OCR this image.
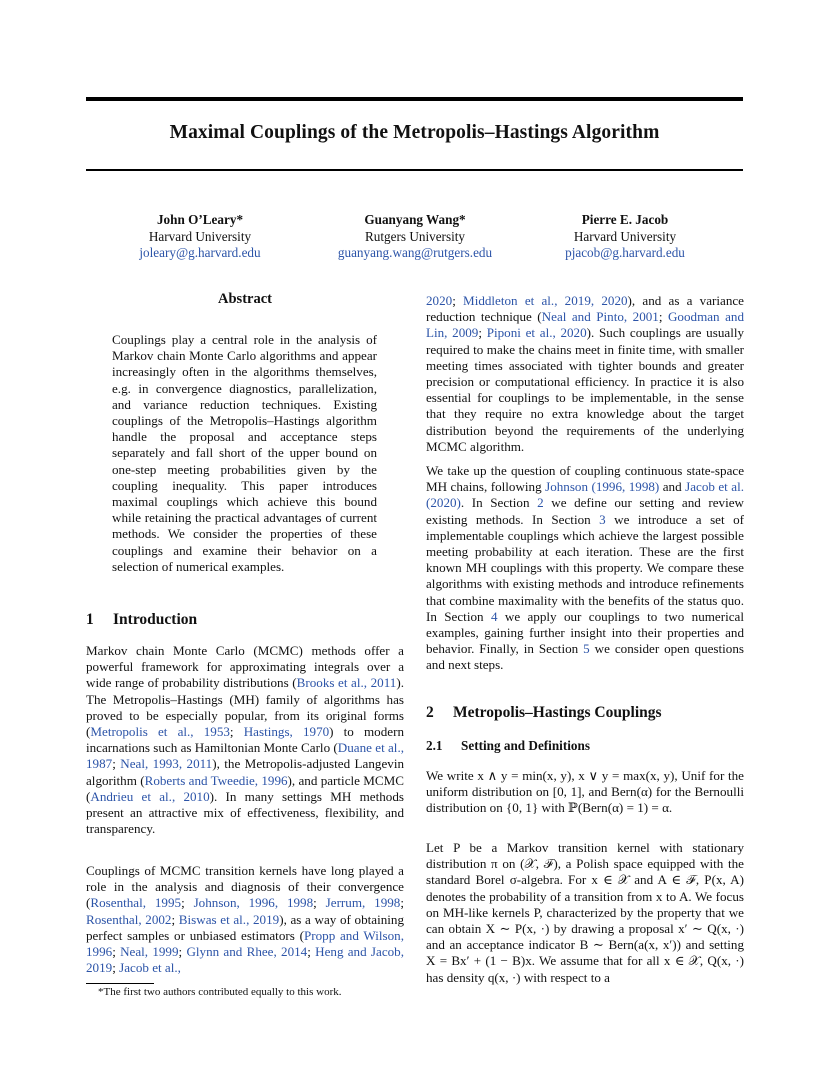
Maximal Couplings of the Metropolis–Hastings Algorithm
John O’Leary*
Harvard University
joleary@g.harvard.edu
Guanyang Wang*
Rutgers University
guanyang.wang@rutgers.edu
Pierre E. Jacob
Harvard University
pjacob@g.harvard.edu
Abstract
Couplings play a central role in the analysis of Markov chain Monte Carlo algorithms and appear increasingly often in the algorithms themselves, e.g. in convergence diagnostics, parallelization, and variance reduction techniques. Existing couplings of the Metropolis–Hastings algorithm handle the proposal and acceptance steps separately and fall short of the upper bound on one-step meeting probabilities given by the coupling inequality. This paper introduces maximal couplings which achieve this bound while retaining the practical advantages of current methods. We consider the properties of these couplings and examine their behavior on a selection of numerical examples.
1 Introduction

Markov chain Monte Carlo (MCMC) methods offer a powerful framework for approximating integrals over a wide range of probability distributions (Brooks et al., 2011). The Metropolis–Hastings (MH) family of algorithms has proved to be especially popular, from its original forms (Metropolis et al., 1953; Hastings, 1970) to modern incarnations such as Hamiltonian Monte Carlo (Duane et al., 1987; Neal, 1993, 2011), the Metropolis-adjusted Langevin algorithm (Roberts and Tweedie, 1996), and particle MCMC (Andrieu et al., 2010). In many settings MH methods present an attractive mix of effectiveness, flexibility, and transparency.

Couplings of MCMC transition kernels have long played a role in the analysis and diagnosis of their convergence (Rosenthal, 1995; Johnson, 1996, 1998; Jerrum, 1998; Rosenthal, 2002; Biswas et al., 2019), as a way of obtaining perfect samples or unbiased estimators (Propp and Wilson, 1996; Neal, 1999; Glynn and Rhee, 2014; Heng and Jacob, 2019; Jacob et al.,

*The first two authors contributed equally to this work.

2020; Middleton et al., 2019, 2020), and as a variance reduction technique (Neal and Pinto, 2001; Goodman and Lin, 2009; Piponi et al., 2020). Such couplings are usually required to make the chains meet in finite time, with smaller meeting times associated with tighter bounds and greater precision or computational efficiency. In practice it is also essential for couplings to be implementable, in the sense that they require no extra knowledge about the target distribution beyond the requirements of the underlying MCMC algorithm.

We take up the question of coupling continuous state-space MH chains, following Johnson (1996, 1998) and Jacob et al. (2020). In Section 2 we define our setting and review existing methods. In Section 3 we introduce a set of implementable couplings which achieve the largest possible meeting probability at each iteration. These are the first known MH couplings with this property. We compare these algorithms with existing methods and introduce refinements that combine maximality with the benefits of the status quo. In Section 4 we apply our couplings to two numerical examples, gaining further insight into their properties and behavior. Finally, in Section 5 we consider open questions and next steps.

2 Metropolis–Hastings Couplings
2.1 Setting and Definitions
We write x ∧ y = min(x, y), x ∨ y = max(x, y), Unif for the uniform distribution on [0, 1], and Bern(α) for the Bernoulli distribution on {0, 1} with ℙ(Bern(α) = 1) = α.
Let P be a Markov transition kernel with stationary distribution π on (𝒳, ℱ), a Polish space equipped with the standard Borel σ-algebra. For x ∈ 𝒳 and A ∈ ℱ, P(x, A) denotes the probability of a transition from x to A. We focus on MH-like kernels P, characterized by the property that we can obtain X ∼ P(x, ·) by drawing a proposal x′ ∼ Q(x, ·) and an acceptance indicator B ∼ Bern(a(x, x′)) and setting X = Bx′ + (1 − B)x. We assume that for all x ∈ 𝒳, Q(x, ·) has density q(x, ·) with respect to a
